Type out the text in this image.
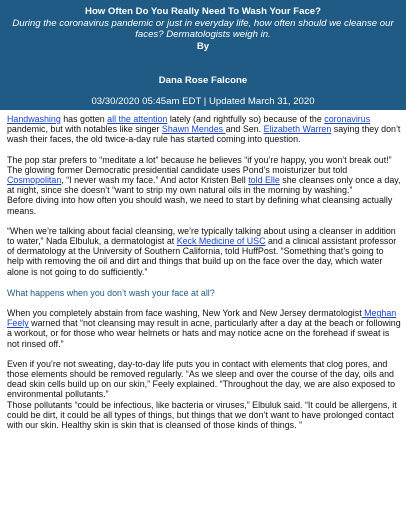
How Often Do You Really Need To Wash Your Face?
During the coronavirus pandemic or just in everyday life, how often should we cleanse our faces? Dermatologists weigh in.
By
Dana Rose Falcone
03/30/2020 05:45am EDT | Updated March 31, 2020

Handwashing has gotten all the attention lately (and rightfully so) because of the coronavirus pandemic, but with notables like singer Shawn Mendes and Sen. Elizabeth Warren saying they don’t wash their faces, the old twice-a-day rule has started coming into question.

The pop star prefers to “meditate a lot” because he believes “if you’re happy, you won’t break out!” The glowing former Democratic presidential candidate uses Pond’s moisturizer but told Cosmopolitan, “I never wash my face.” And actor Kristen Bell told Elle she cleanses only once a day, at night, since she doesn’t “want to strip my own natural oils in the morning by washing.”
Before diving into how often you should wash, we need to start by defining what cleansing actually means.

“When we’re talking about facial cleansing, we’re typically talking about using a cleanser in addition to water,” Nada Elbuluk, a dermatologist at Keck Medicine of USC and a clinical assistant professor of dermatology at the University of Southern California, told HuffPost. “Something that’s going to help with removing the oil and dirt and things that build up on the face over the day, which water alone is not going to do sufficiently.”

What happens when you don’t wash your face at all?

When you completely abstain from face washing, New York and New Jersey dermatologist Meghan Feely warned that “not cleansing may result in acne, particularly after a day at the beach or following a workout, or for those who wear helmets or hats and may notice acne on the forehead if sweat is not rinsed off.”

Even if you’re not sweating, day-to-day life puts you in contact with elements that clog pores, and those elements should be removed regularly. “As we sleep and over the course of the day, oils and dead skin cells build up on our skin,” Feely explained. “Throughout the day, we are also exposed to environmental pollutants.”
Those pollutants “could be infectious, like bacteria or viruses,” Elbuluk said. “It could be allergens, it could be dirt, it could be all types of things, but things that we don’t want to have prolonged contact with our skin. Healthy skin is skin that is cleansed of those kinds of things. ”
